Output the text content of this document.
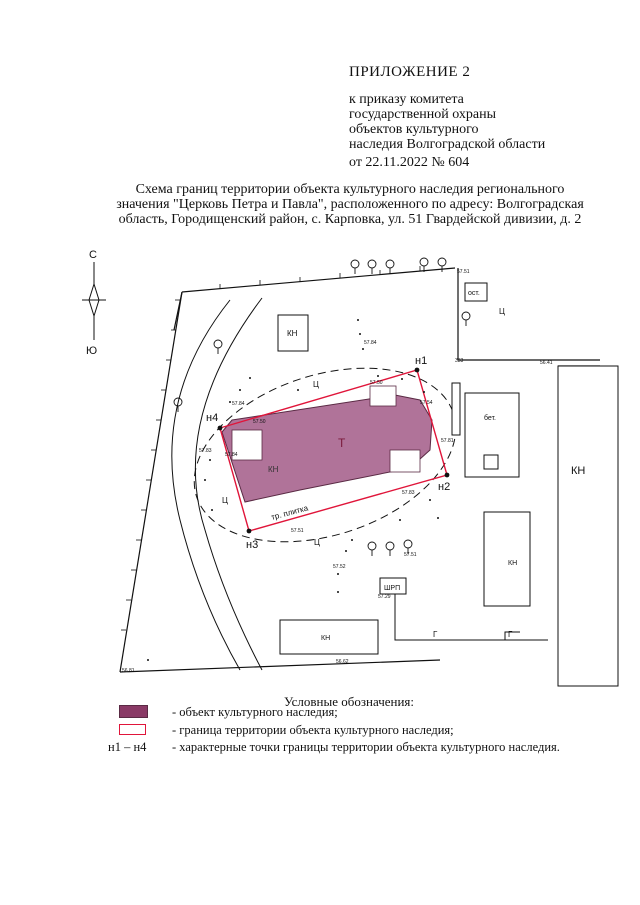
ПРИЛОЖЕНИЕ 2
к приказу комитета
государственной охраны
объектов культурного
наследия Волгоградской области
от 22.11.2022 № 604
Схема границ территории объекта культурного наследия регионального
значения "Церковь Петра и Павла", расположенного по адресу: Волгоградская
область, Городищенский район, с. Карповка, ул. 51 Гвардейской дивизии, д. 2
С
Ю
Т
КН
тр. плитка
н1
н2
н3
н4
КН
ост.
бет.
КН
КН
ШРП
КН
Г	Г
Ц
Ц
Ц
Ц
57.51
57.84
57.50
57.50
57.84
57.83
57.84
57.54
57.81
57.83
57.51
57.52
57.51
57.29
56.62
56.81
56.41
333
Условные обозначения:
- объект культурного наследия;
- граница территории объекта культурного наследия;
н1 – н4 - характерные точки границы территории объекта культурного наследия.
